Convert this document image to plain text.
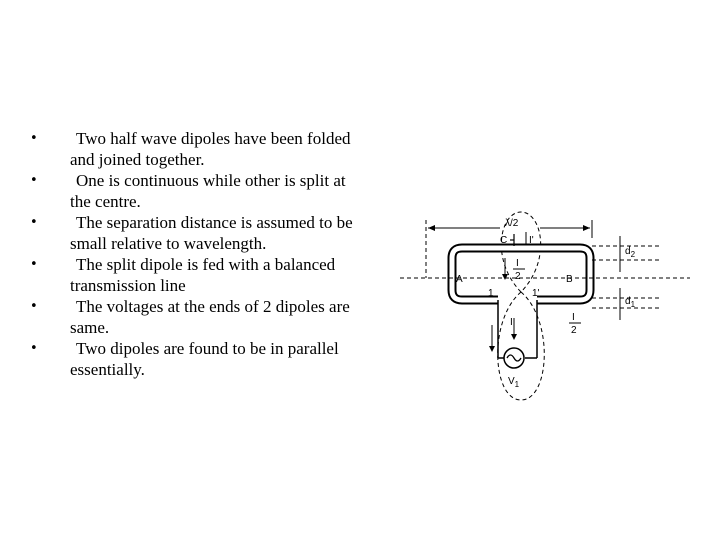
•	Two half wave dipoles have been folded and joined together.
•	One is continuous while other is split at the centre.
•	The separation distance is assumed to be small relative to wavelength.
•	The split dipole is fed with a balanced transmission line
•	The voltages at the ends of 2 dipoles are same.
•	Two dipoles are found to be in parallel essentially.
λ/2
C I'
I
2
A	B
1	1'
$d_2$
$d_1$
I	I
2
$V_1$
